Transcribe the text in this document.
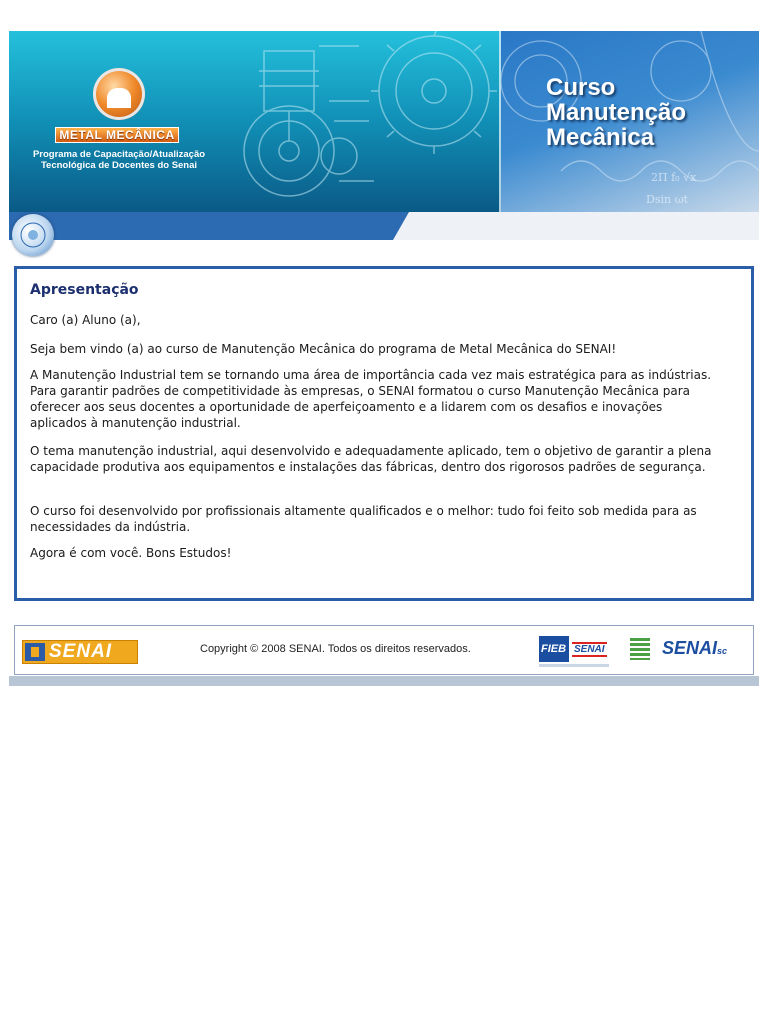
METAL MECÂNICA
Programa de Capacitação/Atualização
Tecnológica de Docentes do Senai
2Π f₀ √x
Dsin ωt
Curso
Manutenção
Mecânica
Apresentação

Caro (a) Aluno (a),

Seja bem vindo (a) ao curso de Manutenção Mecânica do programa de Metal Mecânica do SENAI!

A Manutenção Industrial tem se tornando uma área de importância cada vez mais estratégica para as indústrias. Para garantir padrões de competitividade às empresas, o SENAI formatou o curso Manutenção Mecânica para oferecer aos seus docentes a oportunidade de aperfeiçoamento e a lidarem com os desafios e inovações aplicados à manutenção industrial.

O tema manutenção industrial, aqui desenvolvido e adequadamente aplicado, tem o objetivo de garantir a plena capacidade produtiva aos equipamentos e instalações das fábricas, dentro dos rigorosos padrões de segurança.

O curso foi desenvolvido por profissionais altamente qualificados e o melhor: tudo foi feito sob medida para as necessidades da indústria.

Agora é com você. Bons Estudos!

SENAI	Copyright © 2008 SENAI. Todos os direitos reservados.	FIEB SENAI	SENAIsc
